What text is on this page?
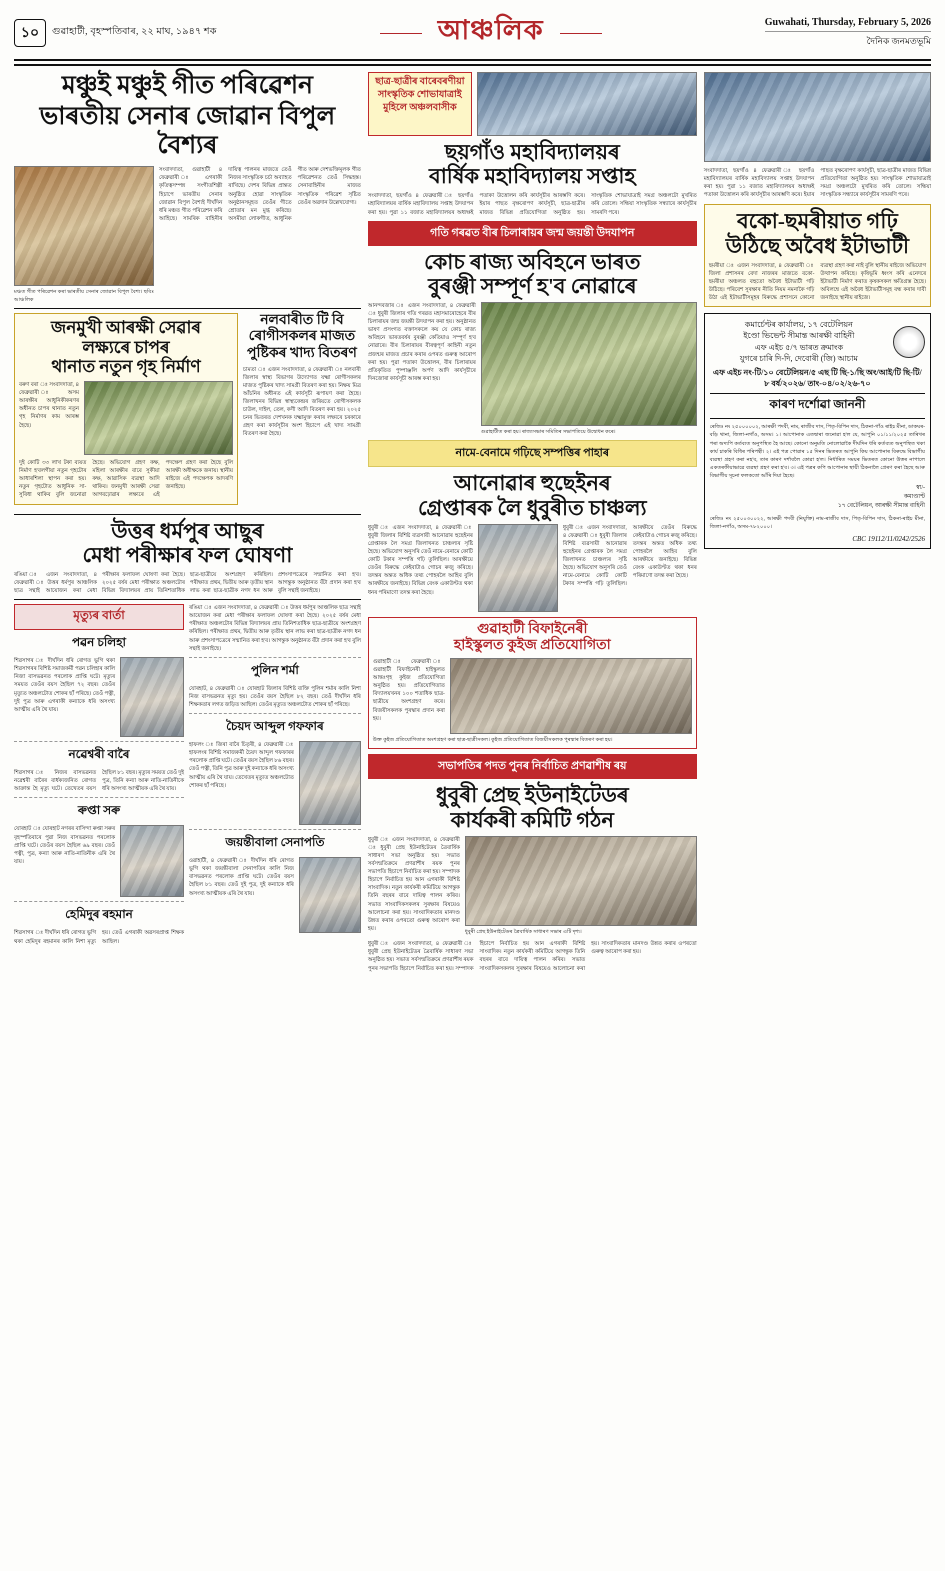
১০	গুৱাহাটী, বৃহস্পতিবাৰ, ২২ মাঘ, ১৯৪৭ শক	আঞ্চলিক	Guwahati, Thursday, February 5, 2026
দৈনিক জনমতভূমি
মঞ্চুই মঞ্চুই গীত পৰিৱেশন
ভাৰতীয় সেনাৰ জোৱান বিপুল বৈশ্যৰ
মঞ্চত গীত পৰিৱেশন কৰা ভাৰতীয় সেনাৰ জোৱান বিপুল বৈশ্য। ছবিঃ আঞ্চলিক
সংবাদদাতা, গুৱাহাটী ৪ ফেব্ৰুৱাৰী ঃ এগৰাকী কৃতিত্বসম্পন্ন সংগীতশিল্পী হিচাপে ভাৰতীয় সেনাৰ জোৱান বিপুল বৈশ্যই দীৰ্ঘদিন ধৰি মঞ্চত গীত পৰিৱেশন কৰি আহিছে। সামৰিক বাহিনীৰ দায়িত্ব পালনৰ মাজতে তেওঁ নিজৰ সাংস্কৃতিক চৰ্চা অব্যাহত ৰাখিছে। দেশৰ বিভিন্ন প্ৰান্তত অনুষ্ঠিত হোৱা সাংস্কৃতিক অনুষ্ঠানসমূহত তেওঁৰ গীতে শ্ৰোতাৰ মন মুগ্ধ কৰিছে। অসমীয়া লোকগীত, আধুনিক গীত আৰু দেশভক্তিমূলক গীত পৰিৱেশনত তেওঁ সিদ্ধহস্ত। সেনাবাহিনীৰ মাজত সাংস্কৃতিক পৰিৱেশ সৃষ্টিত তেওঁৰ অৱদান উল্লেখযোগ্য।
জনমুখী আৰক্ষী সেৱাৰ
লক্ষ্যৰে চাপৰ
থানাত নতুন গৃহ নিৰ্মাণ
বৰুণ বৰা ঃ সংবাদদাতা, ৪ ফেব্ৰুৱাৰী ঃ অসম আৰক্ষীৰ আধুনিকীকৰণৰ অধীনত চাপৰ থানাত নতুন গৃহ নিৰ্মাণৰ কাম আৰম্ভ হৈছে।
দুই কোটি ৩৩ লাখ টকা ব্যয়ত নিৰ্মাণ হ'বলগীয়া নতুন গৃহটোৰ আধাৰশিলা স্থাপন কৰা হয়। নতুন গৃহটোত আধুনিক সা-সুবিধা থাকিব বুলি জনোৱা হৈছে। অভিযোগ গ্ৰহণ কক্ষ, মহিলা আৰক্ষীৰ বাবে সুকীয়া কক্ষ, আৱাসিক ব্যৱস্থা আদি থাকিব। জনমুখী আৰক্ষী সেৱা আগবঢ়োৱাৰ লক্ষ্যৰে এই পদক্ষেপ গ্ৰহণ কৰা হৈছে বুলি আৰক্ষী অধীক্ষকে জনায়। স্থানীয় ৰাইজে এই পদক্ষেপক আদৰণি জনাইছে।
নলবাৰীত টি বি ৰোগীসকলৰ মাজত পুষ্টিকৰ খাদ্য বিতৰণ
চামতা ঃ এজন সংবাদদাতা, ৪ ফেব্ৰুৱাৰী ঃ নলবাৰী জিলাৰ স্বাস্থ্য বিভাগৰ উদ্যোগত যক্ষ্মা ৰোগীসকলৰ মাজত পুষ্টিকৰ খাদ্য সামগ্ৰী বিতৰণ কৰা হয়। নিক্ষয় মিত্ৰ আঁচনিৰ অধীনত এই কাৰ্যসূচী ৰূপায়ণ কৰা হৈছে। জিলাখনৰ বিভিন্ন স্বাস্থ্যকেন্দ্ৰৰ জৰিয়তে ৰোগীসকলক চাউল, দাইল, তেল, কণী আদি বিতৰণ কৰা হয়। ২০২৫ চনৰ ভিতৰত দেশখনক যক্ষ্মামুক্ত কৰাৰ লক্ষ্যৰে চৰকাৰে গ্ৰহণ কৰা কাৰ্যসূচীৰ অংশ হিচাপে এই খাদ্য সামগ্ৰী বিতৰণ কৰা হৈছে।
উত্তৰ ধৰ্মপুৰ আছুৰ
মেধা পৰীক্ষাৰ ফল ঘোষণা
ৰঙিয়া ঃ এজন সংবাদদাতা, ৪ ফেব্ৰুৱাৰী ঃ উত্তৰ ধৰ্মপুৰ আঞ্চলিক ছাত্ৰ সন্থাই আয়োজন কৰা মেধা পৰীক্ষাৰ ফলাফল ঘোষণা কৰা হৈছে। ২০২৫ বৰ্ষৰ মেধা পৰীক্ষাত অঞ্চলটোৰ বিভিন্ন বিদ্যালয়ৰ প্ৰায় তিনিশতাধিক ছাত্ৰ-ছাত্ৰীয়ে অংশগ্ৰহণ কৰিছিল। পৰীক্ষাত প্ৰথম, দ্বিতীয় আৰু তৃতীয় স্থান লাভ কৰা ছাত্ৰ-ছাত্ৰীক নগদ ধন আৰু প্ৰশংসাপত্ৰেৰে সন্মানিত কৰা হ'ব। আগন্তুক অনুষ্ঠানত বঁটা প্ৰদান কৰা হ'ব বুলি সন্থাই জনাইছে।
মৃত্যুৰ বাৰ্তা
পৱন চলিহা
শিৱসাগৰ ঃ দীৰ্ঘদিন ধৰি ৰোগত ভুগি থকা শিৱসাগৰৰ বিশিষ্ট সমাজকৰ্মী পৱন চলিহাৰ কালি নিজা বাসভৱনত পৰলোক প্ৰাপ্তি ঘটে। মৃত্যুৰ সময়ত তেওঁৰ বয়স হৈছিল ৭২ বছৰ। তেওঁৰ মৃত্যুত অঞ্চলটোত শোকৰ ছাঁ পৰিছে। তেওঁ পত্নী, দুই পুত্ৰ আৰু এগৰাকী কন্যাকে ধৰি অসংখ্য আত্মীয় এৰি থৈ যায়।
নৱেশ্বৰী বাৰৈ
শিৱসাগৰ ঃ নিজৰ বাসভৱনত নৱেশ্বৰী বাৰৈৰ বাৰ্ধক্যজনিত ৰোগত আক্ৰান্ত হৈ মৃত্যু ঘটে। তেখেতৰ বয়স হৈছিল ৮১ বছৰ। মৃত্যুৰ সময়ত তেওঁ দুই পুত্ৰ, তিনি কন্যা আৰু নাতি-নাতিনীকে ধৰি অসংখ্য আত্মীয়ক এৰি থৈ যায়।
ৰুপ্তা সৰু
যোৰহাট ঃ যোৰহাট নগৰৰ বাসিন্দা ৰুপ্তা সৰুৰ বৃহস্পতিবাৰে পুৱা নিজ বাসভৱনত পৰলোক প্ৰাপ্তি ঘটে। তেওঁৰ বয়স হৈছিল ৬৯ বছৰ। তেওঁ পত্নী, পুত্ৰ, কন্যা আৰু নাতি-নাতিনীক এৰি থৈ যায়।
হেমিদুৰ ৰহমান
শিৱসাগৰ ঃ দীৰ্ঘদিন ধৰি ৰোগত ভুগি থকা হেমিদুৰ ৰহমানৰ কালি নিশা মৃত্যু হয়। তেওঁ এগৰাকী অৱসৰপ্ৰাপ্ত শিক্ষক আছিল।
ৰঙিয়া ঃ এজন সংবাদদাতা, ৪ ফেব্ৰুৱাৰী ঃ উত্তৰ ধৰ্মপুৰ আঞ্চলিক ছাত্ৰ সন্থাই আয়োজন কৰা মেধা পৰীক্ষাৰ ফলাফল ঘোষণা কৰা হৈছে। ২০২৫ বৰ্ষৰ মেধা পৰীক্ষাত অঞ্চলটোৰ বিভিন্ন বিদ্যালয়ৰ প্ৰায় তিনিশতাধিক ছাত্ৰ-ছাত্ৰীয়ে অংশগ্ৰহণ কৰিছিল। পৰীক্ষাত প্ৰথম, দ্বিতীয় আৰু তৃতীয় স্থান লাভ কৰা ছাত্ৰ-ছাত্ৰীক নগদ ধন আৰু প্ৰশংসাপত্ৰেৰে সন্মানিত কৰা হ'ব। আগন্তুক অনুষ্ঠানত বঁটা প্ৰদান কৰা হ'ব বুলি সন্থাই জনাইছে।
পুলিন শৰ্মা
যোৰহাট, ৪ ফেব্ৰুৱাৰী ঃ যোৰহাট জিলাৰ বিশিষ্ট ব্যক্তি পুলিন শৰ্মাৰ কালি নিশা নিজ বাসভৱনত মৃত্যু হয়। তেওঁৰ বয়স হৈছিল ৮২ বছৰ। তেওঁ দীৰ্ঘদিন ধৰি শিক্ষকতাৰ লগত জড়িত আছিল। তেওঁৰ মৃত্যুত অঞ্চলটোত শোকৰ ছাঁ পৰিছে।
চৈয়দ আব্দুল গফফাৰ
হাফলং ঃ জিৰা বাৰৈ চিতৃৰী, ৪ ফেব্ৰুৱাৰী ঃ হাফলংৰ বিশিষ্ট সমাজকৰ্মী চৈয়দ আব্দুল গফফাৰৰ পৰলোক প্ৰাপ্তি ঘটে। তেওঁৰ বয়স হৈছিল ৮৬ বছৰ। তেওঁ পত্নী, তিনি পুত্ৰ আৰু দুই কন্যাকে ধৰি অসংখ্য আত্মীয় এৰি থৈ যায়। তেখেতৰ মৃত্যুত অঞ্চলটোত শোকৰ ছাঁ পৰিছে।
জয়ন্তীবালা সেনাপতি
ওৱাহাটী, ৪ ফেব্ৰুৱাৰী ঃ দীৰ্ঘদিন ধৰি ৰোগত ভুগি থকা জয়ন্তীবালা সেনাপতিৰ কালি নিজ বাসভৱনত পৰলোক প্ৰাপ্তি ঘটে। তেওঁৰ বয়স হৈছিল ৮১ বছৰ। তেওঁ দুই পুত্ৰ, দুই কন্যাকে ধৰি অসংখ্য আত্মীয়ক এৰি থৈ যায়।
ছাত্ৰ-ছাত্ৰীৰ বাৰেবৰণীয়া সাংস্কৃতিক শোভাযাত্ৰাই মুহিলে অঞ্চলবাসীক
ছয়গাঁও মহাবিদ্যালয়ৰ
বাৰ্ষিক মহাবিদ্যালয় সপ্তাহ
সংবাদদাতা, ছয়গাঁও ৪ ফেব্ৰুৱাৰী ঃ ছয়গাঁও মহাবিদ্যালয়ৰ বাৰ্ষিক মহাবিদ্যালয় সপ্তাহ উদযাপন কৰা হয়। পুৱা ১১ বজাত মহাবিদ্যালয়ৰ অধ্যক্ষই পতাকা উত্তোলন কৰি কাৰ্যসূচীৰ আৰম্ভণি কৰে। ইয়াৰ পাছত বৃক্ষৰোপণ কাৰ্যসূচী, ছাত্ৰ-ছাত্ৰীৰ মাজত বিভিন্ন প্ৰতিযোগিতা অনুষ্ঠিত হয়। সাংস্কৃতিক শোভাযাত্ৰাই সমগ্ৰ অঞ্চলটো মুখৰিত কৰি তোলে। সন্ধিয়া সাংস্কৃতিক সন্ধ্যাৰে কাৰ্যসূচীৰ সামৰণি পৰে।
গতি গৰৱত বীৰ চিলাৰায়ৰ জন্ম জয়ন্তী উদযাপন
কোচ ৰাজ্য অবিহনে ভাৰত
বুৰঞ্জী সম্পূৰ্ণ হ'ব নোৱাৰে
আনন্দবজাৰ ঃ এজন সংবাদদাতা, ৪ ফেব্ৰুৱাৰী ঃ ধুবুৰী জিলাৰ গতি গৰৱত মহাসমাৰোহেৰে বীৰ চিলাৰায়ৰ জন্ম জয়ন্তী উদযাপন কৰা হয়। অনুষ্ঠানত ভাষণ প্ৰসংগত বক্তাসকলে কয় যে কোচ ৰাজ্য অবিহনে ভাৰতবৰ্ষৰ বুৰঞ্জী কেতিয়াও সম্পূৰ্ণ হ'ব নোৱাৰে। বীৰ চিলাৰায়ৰ বীৰত্বপূৰ্ণ কাহিনী নতুন প্ৰজন্মৰ মাজত প্ৰচাৰ কৰাৰ ওপৰত গুৰুত্ব আৰোপ কৰা হয়। পুৱা পতাকা উত্তোলন, বীৰ চিলাৰায়ৰ প্ৰতিকৃতিত পুষ্পাঞ্জলি অৰ্পণ আদি কাৰ্যসূচীৰে দিনজোৰা কাৰ্যসূচী আৰম্ভ কৰা হয়।
গুৱাহাটীত কৰা হয়। ৰাজ্যসভাৰ সমিতিৰ সভাপতিয়ে উদ্বোধন কৰে।
নামে-বেনামে গঢ়িছে সম্পত্তিৰ পাহাৰ
আনোৱাৰ হুছেইনৰ
গ্ৰেপ্তাৰক লৈ ধুবুৰীত চাঞ্চল্য
ধুবুৰী ঃ এজন সংবাদদাতা, ৪ ফেব্ৰুৱাৰী ঃ ধুবুৰী জিলাৰ বিশিষ্ট ব্যৱসায়ী আনোৱাৰ হুছেইনৰ গ্ৰেপ্তাৰক লৈ সমগ্ৰ জিলাখনত চাঞ্চল্যৰ সৃষ্টি হৈছে। অভিযোগ অনুসৰি তেওঁ নামে-বেনামে কোটি কোটি টকাৰ সম্পত্তি গঢ়ি তুলিছিল। আৰক্ষীয়ে তেওঁৰ বিৰুদ্ধে কেইবাটাও গোচৰ ৰুজু কৰিছে। তদন্তৰ অন্তত অধিক তথ্য পোহৰলৈ আহিব বুলি আৰক্ষীয়ে জনাইছে। বিভিন্ন বেংক একাউণ্টত থকা ধনৰ পৰিমাণো তদন্ত কৰা হৈছে।
ধুবুৰী ঃ এজন সংবাদদাতা, ৪ ফেব্ৰুৱাৰী ঃ ধুবুৰী জিলাৰ বিশিষ্ট ব্যৱসায়ী আনোৱাৰ হুছেইনৰ গ্ৰেপ্তাৰক লৈ সমগ্ৰ জিলাখনত চাঞ্চল্যৰ সৃষ্টি হৈছে। অভিযোগ অনুসৰি তেওঁ নামে-বেনামে কোটি কোটি টকাৰ সম্পত্তি গঢ়ি তুলিছিল। আৰক্ষীয়ে তেওঁৰ বিৰুদ্ধে কেইবাটাও গোচৰ ৰুজু কৰিছে। তদন্তৰ অন্তত অধিক তথ্য পোহৰলৈ আহিব বুলি আৰক্ষীয়ে জনাইছে। বিভিন্ন বেংক একাউণ্টত থকা ধনৰ পৰিমাণো তদন্ত কৰা হৈছে।
গুৱাহাটী বিফাইনেৰী
হাইস্কুলত কুইজ প্ৰতিযোগিতা
গুৱাহাটী ঃ ফেব্ৰুৱাৰী ঃ গুৱাহাটী বিফাইনেৰী হাইস্কুলত আন্তঃগৃহ কুইজ প্ৰতিযোগিতা অনুষ্ঠিত হয়। প্ৰতিযোগিতাত বিদ্যালয়খনৰ ১০০ শতাধিক ছাত্ৰ-ছাত্ৰীয়ে অংশগ্ৰহণ কৰে। বিজয়ীসকলক পুৰস্কাৰ প্ৰদান কৰা হয়।
উক্ত কুইজ প্ৰতিযোগিতাত অংশগ্ৰহণ কৰা ছাত্ৰ-ছাত্ৰীসকল। কুইজ প্ৰতিযোগিতাত বিজয়ীসকলক পুৰস্কাৰ বিতৰণ কৰা হয়।
সভাপতিৰ পদত পুনৰ নিৰ্বাচিত প্ৰণৱাশীষ ৰয়
ধুবুৰী প্ৰেছ ইউনাইটেডৰ
কাৰ্যকৰী কমিটি গঠন
ধুবুৰী ঃ এজন সংবাদদাতা, ৪ ফেব্ৰুৱাৰী ঃ ধুবুৰী প্ৰেছ ইউনাইটেডৰ ত্ৰৈবাৰ্ষিক সাধাৰণ সভা অনুষ্ঠিত হয়। সভাত সৰ্বসন্মতিক্ৰমে প্ৰণৱাশীষ ৰয়ক পুনৰ সভাপতি হিচাপে নিৰ্বাচিত কৰা হয়। সম্পাদক হিচাপে নিৰ্বাচিত হয় আন এগৰাকী বিশিষ্ট সাংবাদিক। নতুন কাৰ্যকৰী কমিটিয়ে আগন্তুক তিনি বছৰৰ বাবে দায়িত্ব পালন কৰিব। সভাত সাংবাদিকসকলৰ সুৰক্ষাৰ বিষয়েও আলোচনা কৰা হয়। সাংবাদিকতাৰ মানদণ্ড উন্নত কৰাৰ ওপৰতো গুৰুত্ব আৰোপ কৰা হয়।	ধুবুৰী প্ৰেছ ইউনাইটেডৰ ত্ৰৈবাৰ্ষিক সাধাৰণ সভাৰ এটি দৃশ্য।
ধুবুৰী ঃ এজন সংবাদদাতা, ৪ ফেব্ৰুৱাৰী ঃ ধুবুৰী প্ৰেছ ইউনাইটেডৰ ত্ৰৈবাৰ্ষিক সাধাৰণ সভা অনুষ্ঠিত হয়। সভাত সৰ্বসন্মতিক্ৰমে প্ৰণৱাশীষ ৰয়ক পুনৰ সভাপতি হিচাপে নিৰ্বাচিত কৰা হয়। সম্পাদক হিচাপে নিৰ্বাচিত হয় আন এগৰাকী বিশিষ্ট সাংবাদিক। নতুন কাৰ্যকৰী কমিটিয়ে আগন্তুক তিনি বছৰৰ বাবে দায়িত্ব পালন কৰিব। সভাত সাংবাদিকসকলৰ সুৰক্ষাৰ বিষয়েও আলোচনা কৰা হয়। সাংবাদিকতাৰ মানদণ্ড উন্নত কৰাৰ ওপৰতো গুৰুত্ব আৰোপ কৰা হয়।
সংবাদদাতা, ছয়গাঁও ৪ ফেব্ৰুৱাৰী ঃ ছয়গাঁও মহাবিদ্যালয়ৰ বাৰ্ষিক মহাবিদ্যালয় সপ্তাহ উদযাপন কৰা হয়। পুৱা ১১ বজাত মহাবিদ্যালয়ৰ অধ্যক্ষই পতাকা উত্তোলন কৰি কাৰ্যসূচীৰ আৰম্ভণি কৰে। ইয়াৰ পাছত বৃক্ষৰোপণ কাৰ্যসূচী, ছাত্ৰ-ছাত্ৰীৰ মাজত বিভিন্ন প্ৰতিযোগিতা অনুষ্ঠিত হয়। সাংস্কৃতিক শোভাযাত্ৰাই সমগ্ৰ অঞ্চলটো মুখৰিত কৰি তোলে। সন্ধিয়া সাংস্কৃতিক সন্ধ্যাৰে কাৰ্যসূচীৰ সামৰণি পৰে।
বকো-ছমৰীয়াত গঢ়ি
উঠিছে অবৈধ ইটাভাটী
ছমৰীয়া ঃ এজন সংবাদদাতা, ৪ ফেব্ৰুৱাৰী ঃ জিলা প্ৰশাসনৰ বেদা নাজৰৰ মাজতে বকো-ছমৰীয়া অঞ্চলত বহুতো অবৈধ ইটাভাটী গঢ়ি উঠিছে। পৰিবেশ সুৰক্ষাৰ নীতি নিয়ম নমনাকৈ গঢ়ি উঠা এই ইটাভাটীসমূহৰ বিৰুদ্ধে প্ৰশাসনে কোনো ব্যৱস্থা গ্ৰহণ কৰা নাই বুলি স্থানীয় ৰাইজে অভিযোগ উত্থাপন কৰিছে। কৃষিভূমি ধ্বংস কৰি এনেদৰে ইটাভাটী নিৰ্মাণ কৰাত কৃষকসকল ক্ষতিগ্ৰস্ত হৈছে। অবিলম্বে এই অবৈধ ইটাভাটীসমূহ বন্ধ কৰাৰ দাবী জনাইছে স্থানীয় ৰাইজে।
কমাৰ্চেণ্টৰ কাৰ্যালয়, ১৭ বেটেলিয়ন
ইণ্ডো ভিভেন্ট সীমান্ত আৰক্ষী বাহিনী
এফ এইচ ৫/৭ ভাৰত ক্ৰমাংক
যুগৰে চাৰি দি-দি, দেবোৰী (জি) আচাম
এফ এইচ নং-টি/১০ বেটেলিয়ন/৫ এছ টি ছি-১/ছি অং/আই/টি ছি-টি/ ৮ বৰ্ষ/২০২৬/ তাং-০৪/০২/২৬-৭০
কাৰণ দৰ্শোৱা জাননী
ৰেজিঃ নং ২৫০০০০০২, আৰক্ষী পদবী, নাম, ৰাজীব দাস, পিতৃ-বিপিন দাস, ঠিকনা-গাঁও ৰাইচ মীনা, ডাকঘৰ-বড়ি থানা, জিলা-নগাঁও, অসম। ১। আপোনাক এতদ্বাৰা জনোৱা হ'ল যে, আপুনি ০১/১১/২০২৫ তাৰিখৰ পৰা অদ্যপি কৰ্তব্যত অনুপস্থিত হৈ আছে। কোনো অনুমতি নোলোৱাকৈ দীৰ্ঘদিন ধৰি কৰ্তব্যত অনুপস্থিত থকা কাৰ্য চাকৰি বিধিৰ পৰিপন্থী। ২। এই পত্ৰ পোৱাৰ ১৫ দিনৰ ভিতৰত আপুনি কিয় আপোনাৰ বিৰুদ্ধে বিভাগীয় ব্যৱস্থা গ্ৰহণ কৰা নহ'ব, তাৰ কাৰণ দৰ্শাবলৈ কোৱা হ'ল। নিৰ্ধাৰিত সময়ৰ ভিতৰত কোনো উত্তৰ নাপালে একতৰফীয়াভাৱে ব্যৱস্থা গ্ৰহণ কৰা হ'ব। ৩। এই পত্ৰৰ কপি আপোনাৰ স্থায়ী ঠিকনালৈ প্ৰেৰণ কৰা হৈছে আৰু বিভাগীয় সূচনা ফলকতো আঁৰি দিয়া হৈছে।
স্বা/-
কমাণ্ডাণ্ট
১৭ বেটেলিয়ন, আৰক্ষী সীমান্ত বাহিনী
ৰেজিঃ নং ২৫০০৩০০২২, আৰক্ষী পদবী (নিযুক্তি) নাম-ৰাজীব দাস, পিতৃ-বিপিন দাস, ঠিকনা-ৰাইচ মীনা, জিলা-নগাঁও, অসম-৭৮২০০০।
CBC 19112/11/0242/2526
